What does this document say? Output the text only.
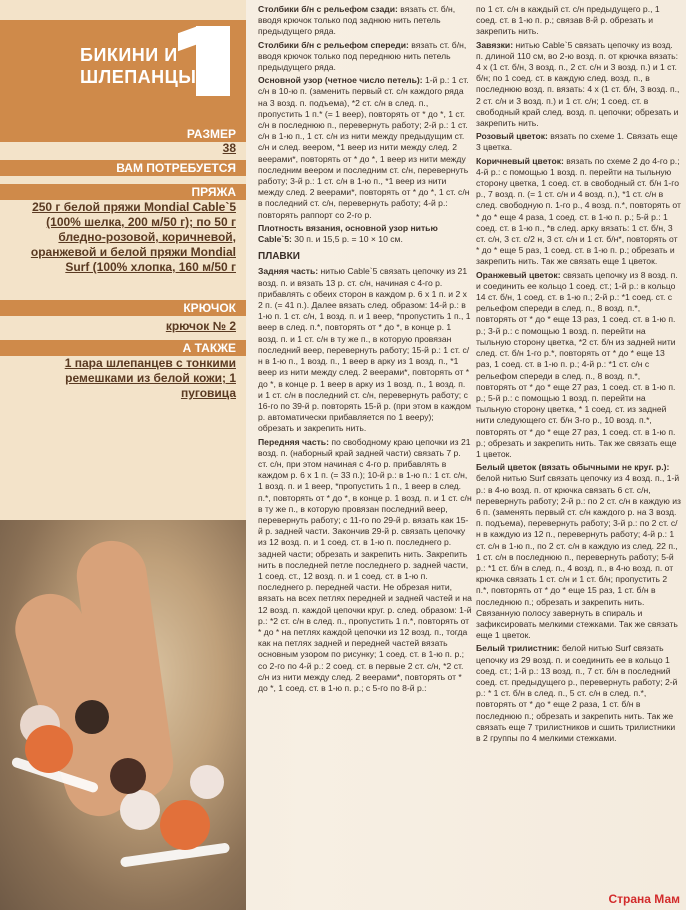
БИКИНИ И
ШЛЕПАНЦЫ
РАЗМЕР
38
ВАМ ПОТРЕБУЕТСЯ
ПРЯЖА
250 г белой пряжи Mondial Cable`5 (100% шелка, 200 м/50 г); по 50 г бледно-розовой, коричневой, оранжевой и белой пряжи Mondial Surf (100% хлопка, 160 м/50 г
КРЮЧОК
крючок № 2
А ТАКЖЕ
1 пара шлепанцев с тонкими ремешками из белой кожи; 1 пуговица

Столбики б/н с рельефом сзади: вязать ст. б/н, вводя крючок только под заднюю нить петель предыдущего ряда.

Столбики б/н с рельефом спереди: вязать ст. б/н, вводя крючок только под переднюю нить петель предыдущего ряда.

Основной узор (четное число петель): 1-й р.: 1 ст. с/н в 10-ю п. (заменить первый ст. с/н каждого ряда на 3 возд. п. подъема), *2 ст. с/н в след. п., пропустить 1 п.* (= 1 веер), повторять от * до *, 1 ст. с/н в последнюю п., перевернуть работу; 2-й р.: 1 ст. с/н в 1-ю п., 1 ст. с/н из нити между предыдущим ст. с/н и след. веером, *1 веер из нити между след. 2 веерами*, повторять от * до *, 1 веер из нити между последним веером и последним ст. с/н, перевернуть работу; 3-й р.: 1 ст. с/н в 1-ю п., *1 веер из нити между след. 2 веерами*, повторять от * до *, 1 ст. с/н в последний ст. с/н, перевернуть работу; 4-й р.: повторять раппорт со 2-го р.

Плотность вязания, основной узор нитью Cable`5: 30 п. и 15,5 р. = 10 × 10 см.

ПЛАВКИ

Задняя часть: нитью Cable`5 связать цепочку из 21 возд. п. и вязать 13 р. ст. с/н, начиная с 4-го р. прибавлять с обеих сторон в каждом р. 6 х 1 п. и 2 х 2 п. (= 41 п.). Далее вязать след. образом: 14-й р.: в 1-ю п. 1 ст. с/н, 1 возд. п. и 1 веер, *пропустить 1 п., 1 веер в след. п.*, повторять от * до *, в конце р. 1 возд. п. и 1 ст. с/н в ту же п., в которую провязан последний веер, перевернуть работу; 15-й р.: 1 ст. с/н в 1-ю п., 1 возд. п., 1 веер в арку из 1 возд. п., *1 веер из нити между след. 2 веерами*, повторять от * до *, в конце р. 1 веер в арку из 1 возд. п., 1 возд. п. и 1 ст. с/н в последний ст. с/н, перевернуть работу; с 16-го по 39-й р. повторять 15-й р. (при этом в каждом р. автоматически прибавляется по 1 вееру); обрезать и закрепить нить.

Передняя часть: по свободному краю цепочки из 21 возд. п. (наборный край задней части) связать 7 р. ст. с/н, при этом начиная с 4-го р. прибавлять в каждом р. 6 х 1 п. (= 33 п.); 10-й р.: в 1-ю п.: 1 ст. с/н, 1 возд. п. и 1 веер, *пропустить 1 п., 1 веер в след. п.*, повторять от * до *, в конце р. 1 возд. п. и 1 ст. с/н в ту же п., в которую провязан последний веер, перевернуть работу; с 11-го по 29-й р. вязать как 15-й р. задней части. Закончив 29-й р. связать цепочку из 12 возд. п. и 1 соед. ст. в 1-ю п. последнего р. задней части; обрезать и закрепить нить. Закрепить нить в последней петле последнего р. задней части, 1 соед. ст., 12 возд. п. и 1 соед. ст. в 1-ю п. последнего р. передней части. Не обрезая нити, вязать на всех петлях передней и задней частей и на 12 возд. п. каждой цепочки круг. р. след. образом: 1-й р.: *2 ст. с/н в след. п., пропустить 1 п.*, повторять от * до * на петлях каждой цепочки из 12 возд. п., тогда как на петлях задней и передней частей вязать основным узором по рисунку; 1 соед. ст. в 1-ю п. р.; со 2-го по 4-й р.: 2 соед. ст. в первые 2 ст. с/н, *2 ст. с/н из нити между след. 2 веерами*, повторять от * до *, 1 соед. ст. в 1-ю п. р.; с 5-го по 8-й р.:

по 1 ст. с/н в каждый ст. с/н предыдущего р., 1 соед. ст. в 1-ю п. р.; связав 8-й р. обрезать и закрепить нить.

Завязки: нитью Cable`5 связать цепочку из возд. п. длиной 110 см, во 2-ю возд. п. от крючка вязать: 4 х (1 ст. б/н, 3 возд. п., 2 ст. с/н и 3 возд. п.) и 1 ст. б/н; по 1 соед. ст. в каждую след. возд. п., в последнюю возд. п. вязать: 4 х (1 ст. б/н, 3 возд. п., 2 ст. с/н и 3 возд. п.) и 1 ст. с/н; 1 соед. ст. в свободный край след. возд. п. цепочки; обрезать и закрепить нить.

Розовый цветок: вязать по схеме 1. Связать еще 3 цветка.

Коричневый цветок: вязать по схеме 2 до 4-го р.; 4-й р.: с помощью 1 возд. п. перейти на тыльную сторону цветка, 1 соед. ст. в свободный ст. б/н 1-го р., 7 возд. п. (= 1 ст. с/н и 4 возд. п.), *1 ст. с/н в след. свободную п. 1-го р., 4 возд. п.*, повторять от * до * еще 4 раза, 1 соед. ст. в 1-ю п. р.; 5-й р.: 1 соед. ст. в 1-ю п., *в след. арку вязать: 1 ст. б/н, 3 ст. с/н, 3 ст. с/2 н, 3 ст. с/н и 1 ст. б/н*, повторять от * до * еще 5 раз, 1 соед. ст. в 1-ю п. р.; обрезать и закрепить нить. Так же связать еще 1 цветок.

Оранжевый цветок: связать цепочку из 8 возд. п. и соединить ее кольцо 1 соед. ст.; 1-й р.: в кольцо 14 ст. б/н, 1 соед. ст. в 1-ю п.; 2-й р.: *1 соед. ст. с рельефом спереди в след. п., 8 возд. п.*, повторять от * до * еще 13 раз, 1 соед. ст. в 1-ю п. р.; 3-й р.: с помощью 1 возд. п. перейти на тыльную сторону цветка, *2 ст. б/н из задней нити след. ст. б/н 1-го р.*, повторять от * до * еще 13 раз, 1 соед. ст. в 1-ю п. р.; 4-й р.: *1 ст. с/н с рельефом спереди в след. п., 8 возд. п.*, повторять от * до * еще 27 раз, 1 соед. ст. в 1-ю п. р.; 5-й р.: с помощью 1 возд. п. перейти на тыльную сторону цветка, * 1 соед. ст. из задней нити следующего ст. б/н 3-го р., 10 возд. п.*, повторять от * до * еще 27 раз, 1 соед. ст. в 1-ю п. р.; обрезать и закрепить нить. Так же связать еще 1 цветок.

Белый цветок (вязать обычными не круг. р.): белой нитью Surf связать цепочку из 4 возд. п., 1-й р.: в 4-ю возд. п. от крючка связать 6 ст. с/н, перевернуть работу; 2-й р.: по 2 ст. с/н в каждую из 6 п. (заменять первый ст. с/н каждого р. на 3 возд. п. подъема), перевернуть работу; 3-й р.: по 2 ст. с/н в каждую из 12 п., перевернуть работу; 4-й р.: 1 ст. с/н в 1-ю п., по 2 ст. с/н в каждую из след. 22 п., 1 ст. с/н в последнюю п., перевернуть работу; 5-й р.: *1 ст. б/н в след. п., 4 возд. п., в 4-ю возд. п. от крючка связать 1 ст. с/н и 1 ст. б/н; пропустить 2 п.*, повторять от * до * еще 15 раз, 1 ст. б/н в последнюю п.; обрезать и закрепить нить. Связанную полосу завернуть в спираль и зафиксировать мелкими стежками. Так же связать еще 1 цветок.

Белый трилистник: белой нитью Surf связать цепочку из 29 возд. п. и соединить ее в кольцо 1 соед. ст.; 1-й р.: 13 возд. п., 7 ст. б/н в последний соед. ст. предыдущего р., перевернуть работу; 2-й р.: * 1 ст. б/н в след. п., 5 ст. с/н в след. п.*, повторять от * до * еще 2 раза, 1 ст. б/н в последнюю п.; обрезать и закрепить нить. Так же связать еще 7 трилистников и сшить трилистники в 2 группы по 4 мелкими стежками.

Страна Мам
